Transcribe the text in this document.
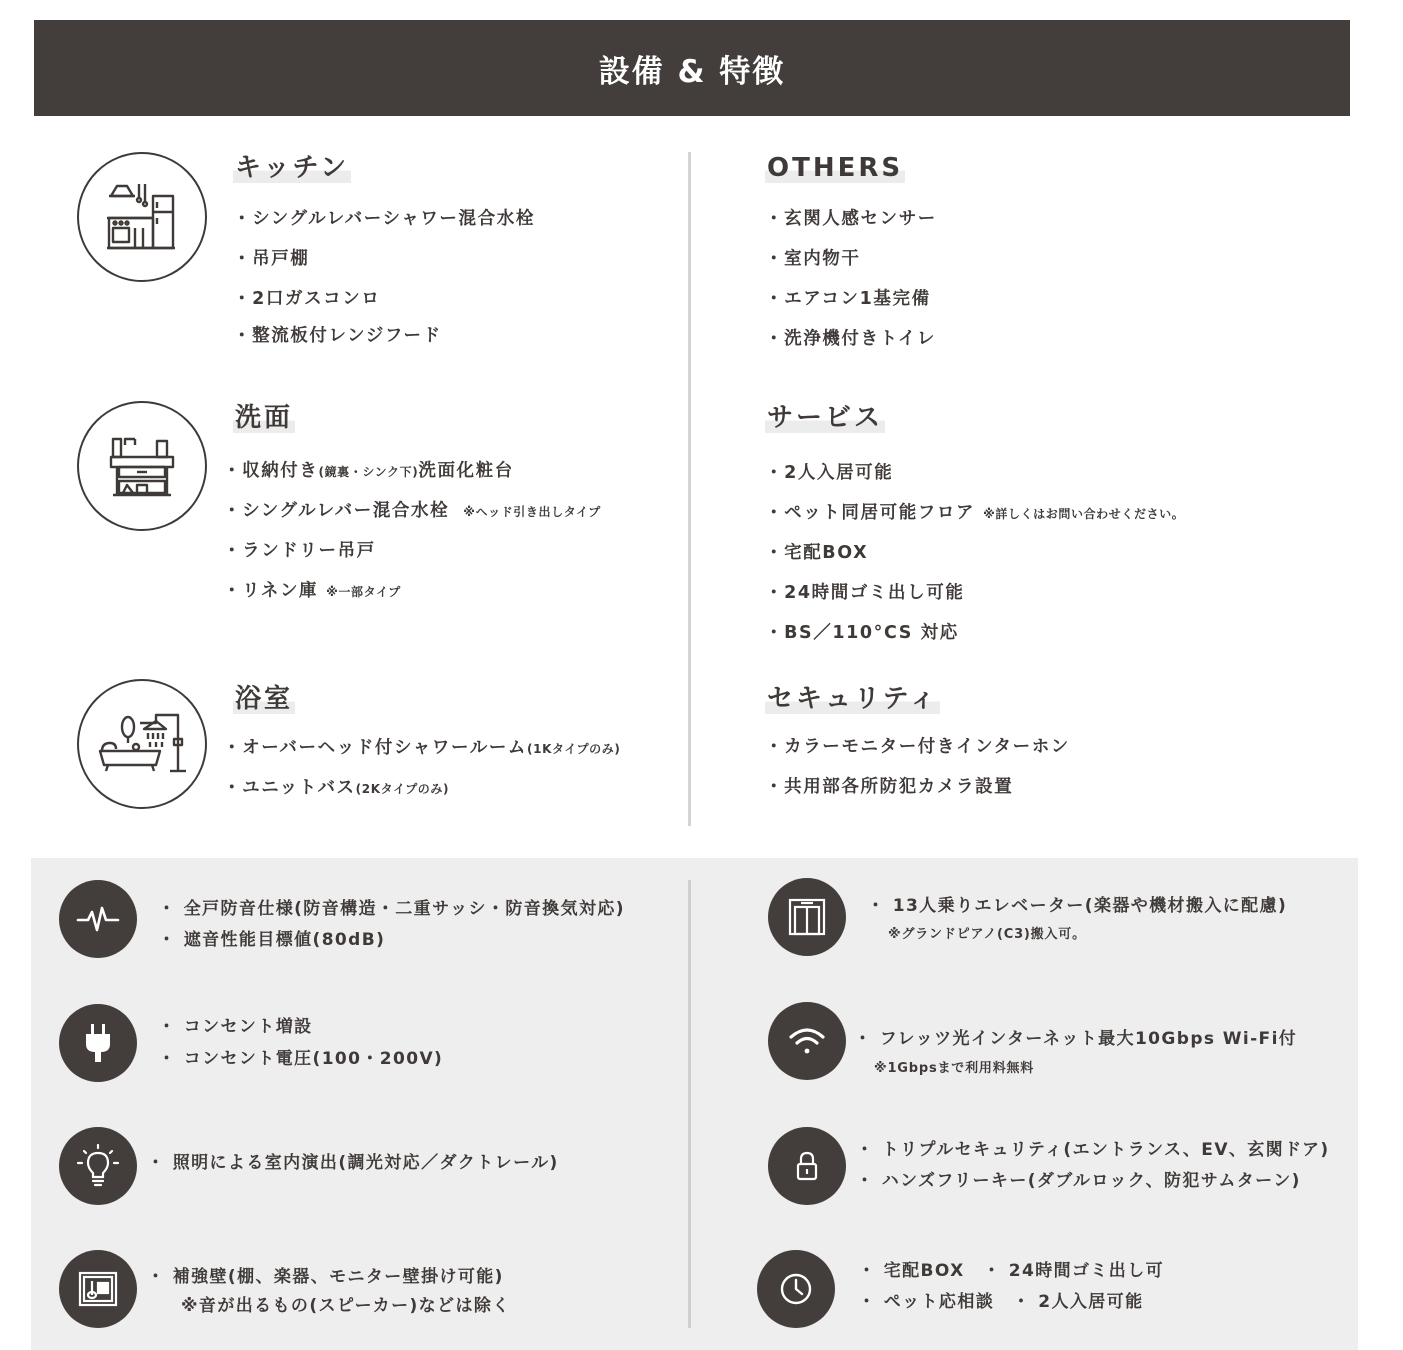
設備 & 特徴
キッチン
・シングルレバーシャワー混合水栓
・吊戸棚
・2口ガスコンロ
・整流板付レンジフード
洗面
・収納付き(鏡裏・シンク下)洗面化粧台
・シングルレバー混合水栓 ※ヘッド引き出しタイプ
・ランドリー吊戸
・リネン庫 ※一部タイプ
浴室
・オーバーヘッド付シャワールーム(1Kタイプのみ)
・ユニットバス(2Kタイプのみ)
OTHERS
・玄関人感センサー
・室内物干
・エアコン1基完備
・洗浄機付きトイレ
サービス
・2人入居可能
・ペット同居可能フロア ※詳しくはお問い合わせください。
・宅配BOX
・24時間ゴミ出し可能
・BS／110°CS 対応
セキュリティ
・カラーモニター付きインターホン
・共用部各所防犯カメラ設置
・ 全戸防音仕様(防音構造・二重サッシ・防音換気対応)
・ 遮音性能目標値(80dB)
・ コンセント増設
・ コンセント電圧(100・200V)
・ 照明による室内演出(調光対応／ダクトレール)
・ 補強壁(棚、楽器、モニター壁掛け可能)
※音が出るもの(スピーカー)などは除く
・ 13人乗りエレベーター(楽器や機材搬入に配慮)
※グランドピアノ(C3)搬入可。
・ フレッツ光インターネット最大10Gbps Wi-Fi付
※1Gbpsまで利用料無料
・ トリプルセキュリティ(エントランス、EV、玄関ドア)
・ ハンズフリーキー(ダブルロック、防犯サムターン)
・ 宅配BOX　・ 24時間ゴミ出し可
・ ペット応相談　・ 2人入居可能
